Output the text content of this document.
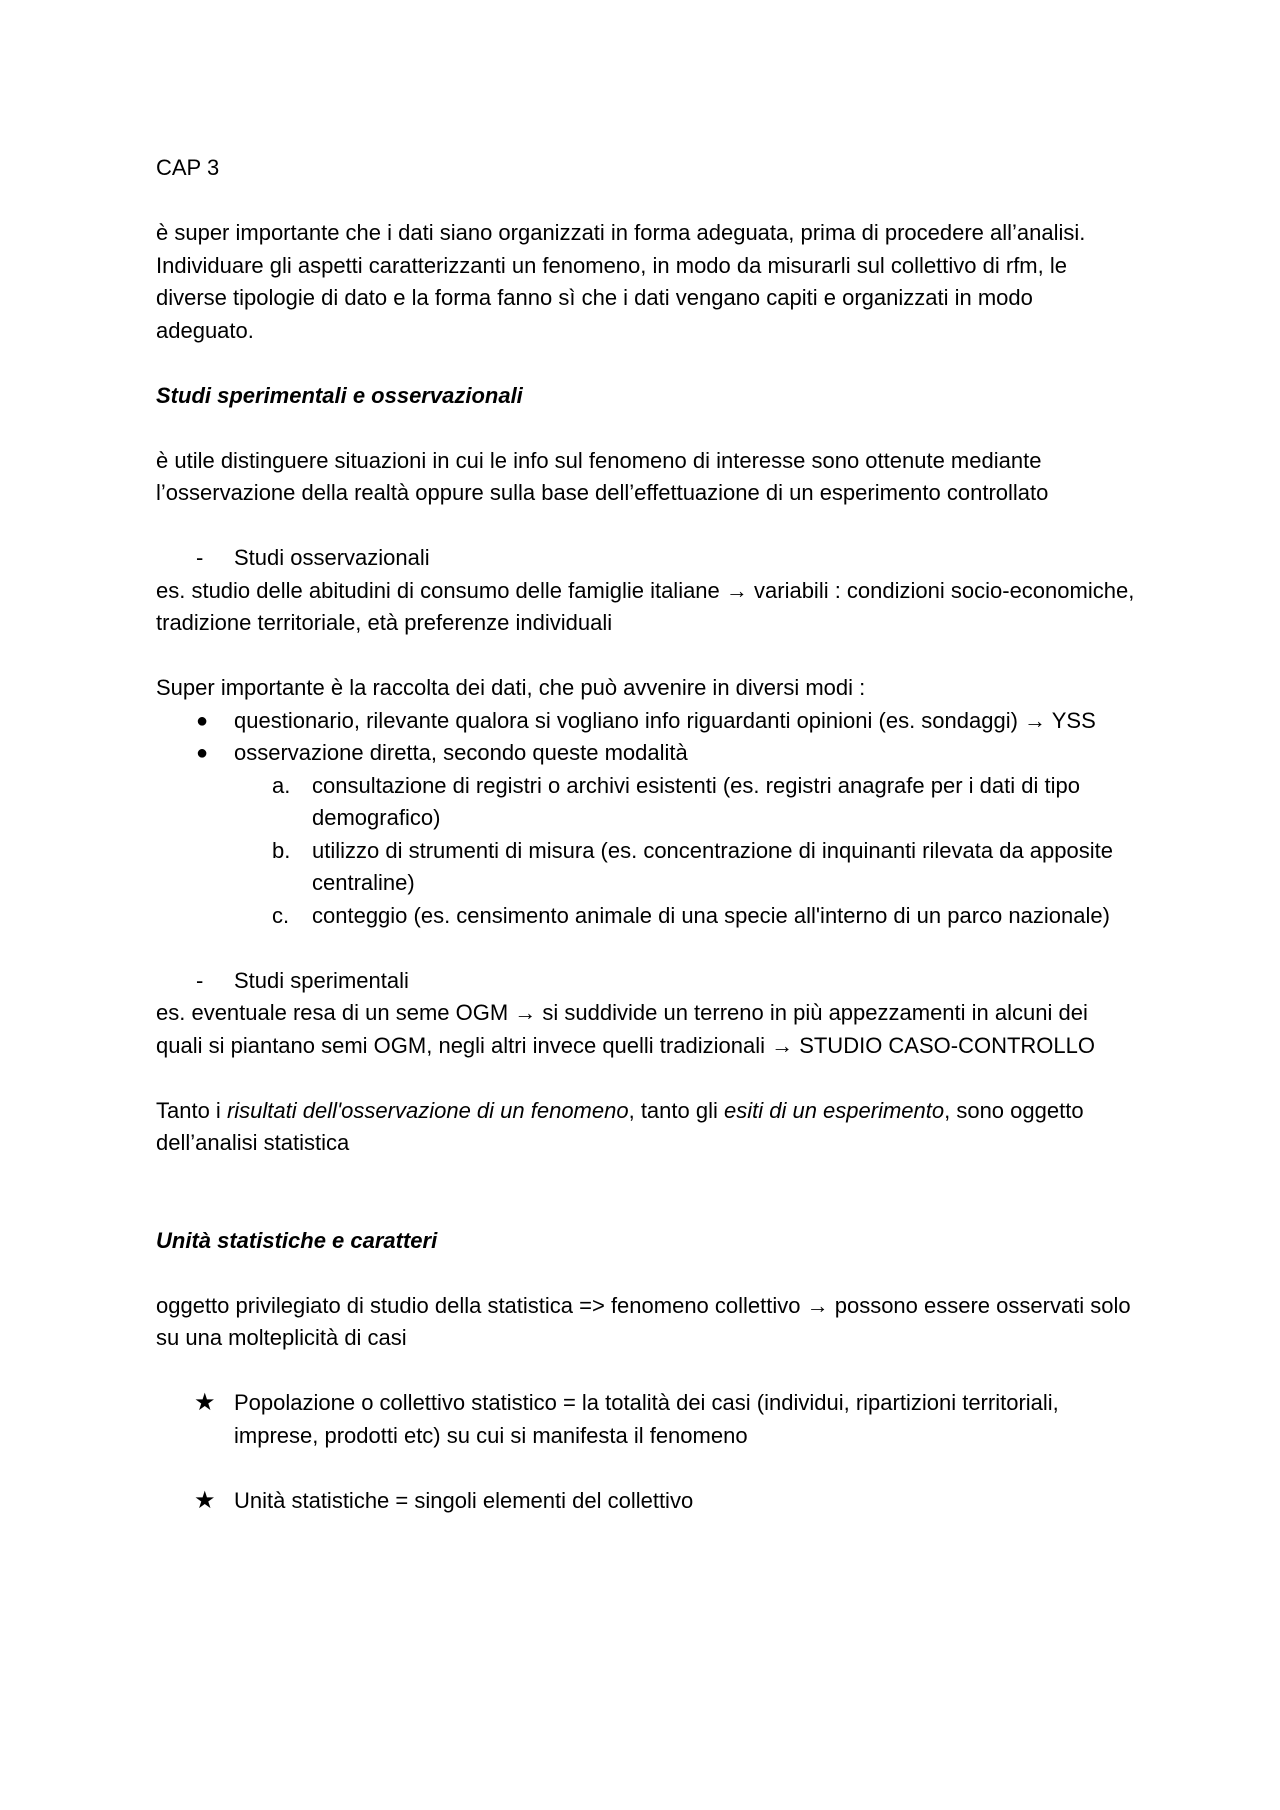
CAP 3

è super importante che i dati siano organizzati in forma adeguata, prima di procedere all’analisi.

Individuare gli aspetti caratterizzanti un fenomeno, in modo da misurarli sul collettivo di rfm, le diverse tipologie di dato e la forma fanno sì che i dati vengano capiti e organizzati in modo adeguato.

Studi sperimentali e osservazionali

è utile distinguere situazioni in cui le info sul fenomeno di interesse sono ottenute mediante l’osservazione della realtà oppure sulla base dell’effettuazione di un esperimento controllato

- Studi osservazionali

es. studio delle abitudini di consumo delle famiglie italiane → variabili : condizioni socio-economiche, tradizione territoriale, età preferenze individuali

Super importante è la raccolta dei dati, che può avvenire in diversi modi :

● questionario, rilevante qualora si vogliano info riguardanti opinioni (es. sondaggi) → YSS
● osservazione diretta, secondo queste modalità
a. consultazione di registri o archivi esistenti (es. registri anagrafe per i dati di tipo demografico)
b. utilizzo di strumenti di misura (es. concentrazione di inquinanti rilevata da apposite centraline)
c. conteggio (es. censimento animale di una specie all'interno di un parco nazionale)
- Studi sperimentali

es. eventuale resa di un seme OGM → si suddivide un terreno in più appezzamenti in alcuni dei quali si piantano semi OGM, negli altri invece quelli tradizionali → STUDIO CASO-CONTROLLO

Tanto i risultati dell'osservazione di un fenomeno, tanto gli esiti di un esperimento, sono oggetto dell’analisi statistica

Unità statistiche e caratteri

oggetto privilegiato di studio della statistica => fenomeno collettivo → possono essere osservati solo su una molteplicità di casi

★ Popolazione o collettivo statistico = la totalità dei casi (individui, ripartizioni territoriali, imprese, prodotti etc) su cui si manifesta il fenomeno
★ Unità statistiche = singoli elementi del collettivo
